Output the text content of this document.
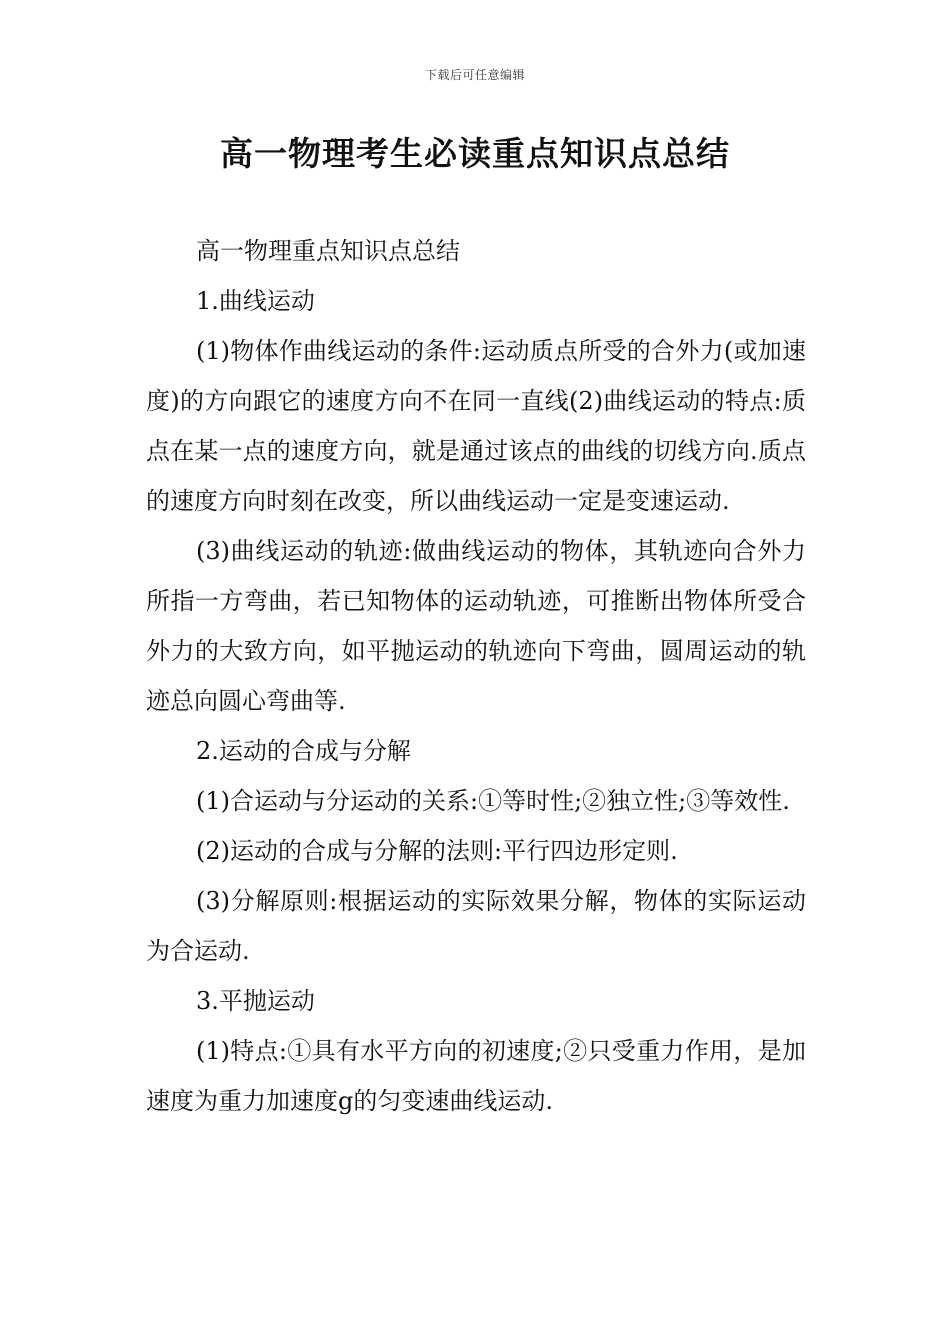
下载后可任意编辑
高一物理考生必读重点知识点总结

高一物理重点知识点总结

1.曲线运动

(1)物体作曲线运动的条件:运动质点所受的合外力(或加速度)的方向跟它的速度方向不在同一直线(2)曲线运动的特点:质点在某一点的速度方向，就是通过该点的曲线的切线方向.质点的速度方向时刻在改变，所以曲线运动一定是变速运动.

(3)曲线运动的轨迹:做曲线运动的物体，其轨迹向合外力所指一方弯曲，若已知物体的运动轨迹，可推断出物体所受合外力的大致方向，如平抛运动的轨迹向下弯曲，圆周运动的轨迹总向圆心弯曲等.

2.运动的合成与分解

(1)合运动与分运动的关系:①等时性;②独立性;③等效性.

(2)运动的合成与分解的法则:平行四边形定则.

(3)分解原则:根据运动的实际效果分解，物体的实际运动为合运动.

3.平抛运动

(1)特点:①具有水平方向的初速度;②只受重力作用，是加速度为重力加速度g的匀变速曲线运动.
